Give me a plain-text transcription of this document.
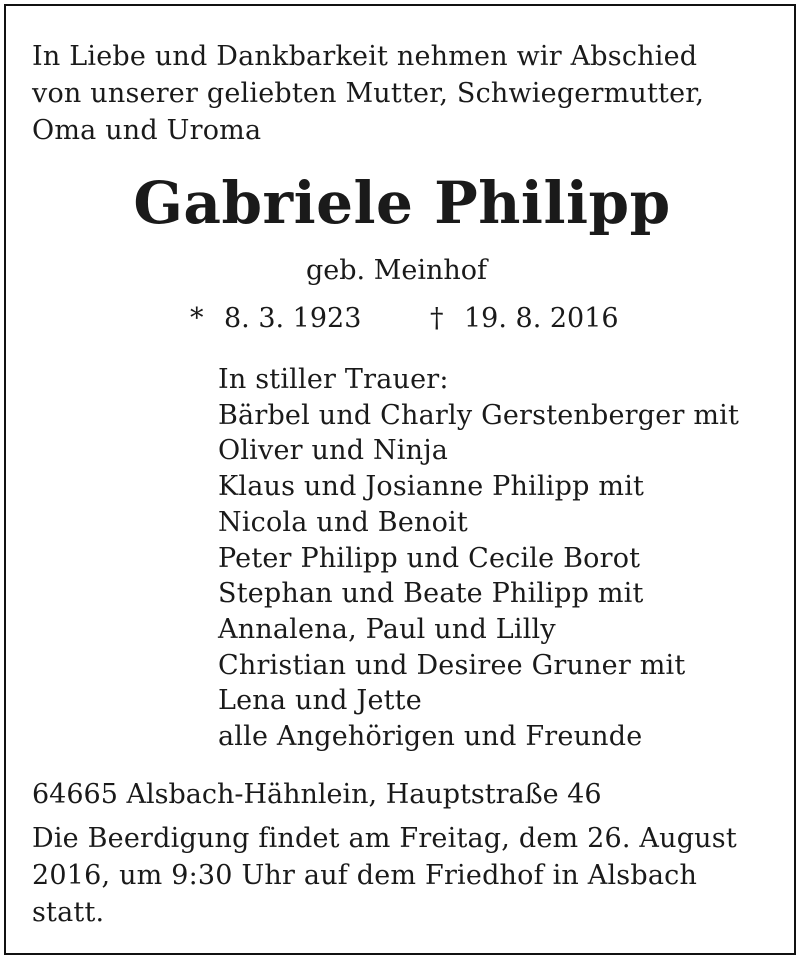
In Liebe und Dankbarkeit nehmen wir Abschied
von unserer geliebten Mutter, Schwiegermutter,
Oma und Uroma
Gabriele Philipp
geb. Meinhof
* 8. 3. 1923	† 19. 8. 2016
In stiller Trauer:
Bärbel und Charly Gerstenberger mit
Oliver und Ninja
Klaus und Josianne Philipp mit
Nicola und Benoit
Peter Philipp und Cecile Borot
Stephan und Beate Philipp mit
Annalena, Paul und Lilly
Christian und Desiree Gruner mit
Lena und Jette
alle Angehörigen und Freunde
64665 Alsbach-Hähnlein, Hauptstraße 46
Die Beerdigung findet am Freitag, dem 26. August
2016, um 9:30 Uhr auf dem Friedhof in Alsbach
statt.
